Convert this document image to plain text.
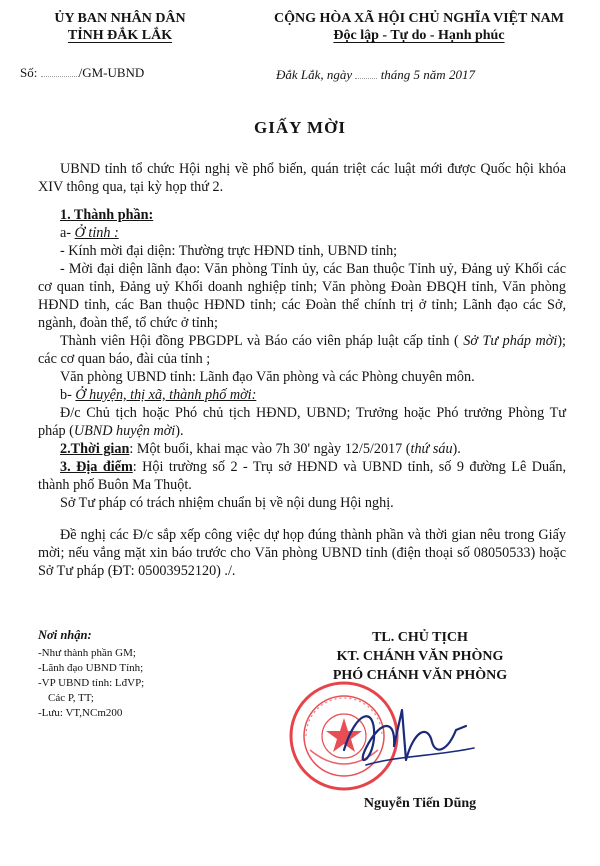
ỦY BAN NHÂN DÂN
TỈNH ĐẮK LẮK
CỘNG HÒA XÃ HỘI CHỦ NGHĨA VIỆT NAM
Độc lập - Tự do - Hạnh phúc
Số:	/GM-UBND	Đắk Lắk, ngày tháng 5 năm 2017
GIẤY MỜI

UBND tỉnh tổ chức Hội nghị về phổ biến, quán triệt các luật mới được Quốc hội khóa XIV thông qua, tại kỳ họp thứ 2.

1. Thành phần:

a- Ở tỉnh :

- Kính mời đại diện: Thường trực HĐND tỉnh, UBND tỉnh;

- Mời đại diện lãnh đạo: Văn phòng Tỉnh ủy, các Ban thuộc Tỉnh uỷ, Đảng uỷ Khối các cơ quan tỉnh, Đảng uỷ Khối doanh nghiệp tỉnh; Văn phòng Đoàn ĐBQH tỉnh, Văn phòng HĐND tỉnh, các Ban thuộc HĐND tỉnh; các Đoàn thể chính trị ở tỉnh; Lãnh đạo các Sở, ngành, đoàn thể, tổ chức ở tỉnh;

Thành viên Hội đồng PBGDPL và Báo cáo viên pháp luật cấp tỉnh ( Sở Tư pháp mời); các cơ quan báo, đài của tỉnh ;

Văn phòng UBND tỉnh: Lãnh đạo Văn phòng và các Phòng chuyên môn.

b- Ở huyện, thị xã, thành phố mời:

Đ/c Chủ tịch hoặc Phó chủ tịch HĐND, UBND; Trưởng hoặc Phó trưởng Phòng Tư pháp (UBND huyện mời).

2.Thời gian: Một buổi, khai mạc vào 7h 30' ngày 12/5/2017 (thứ sáu).

3. Địa điểm: Hội trường số 2 - Trụ sở HĐND và UBND tỉnh, số 9 đường Lê Duẩn, thành phố Buôn Ma Thuột.

Sở Tư pháp có trách nhiệm chuẩn bị về nội dung Hội nghị.

Đề nghị các Đ/c sắp xếp công việc dự họp đúng thành phần và thời gian nêu trong Giấy mời; nếu vắng mặt xin báo trước cho Văn phòng UBND tỉnh (điện thoại số 08050533) hoặc Sở Tư pháp (ĐT: 05003952120) ./.

Nơi nhận:
-Như thành phần GM;
-Lãnh đạo UBND Tỉnh;
-VP UBND tỉnh: LđVP;
Các P, TT;
-Lưu: VT,NCm200
TL. CHỦ TỊCH
KT. CHÁNH VĂN PHÒNG
PHÓ CHÁNH VĂN PHÒNG
Nguyễn Tiến Dũng
